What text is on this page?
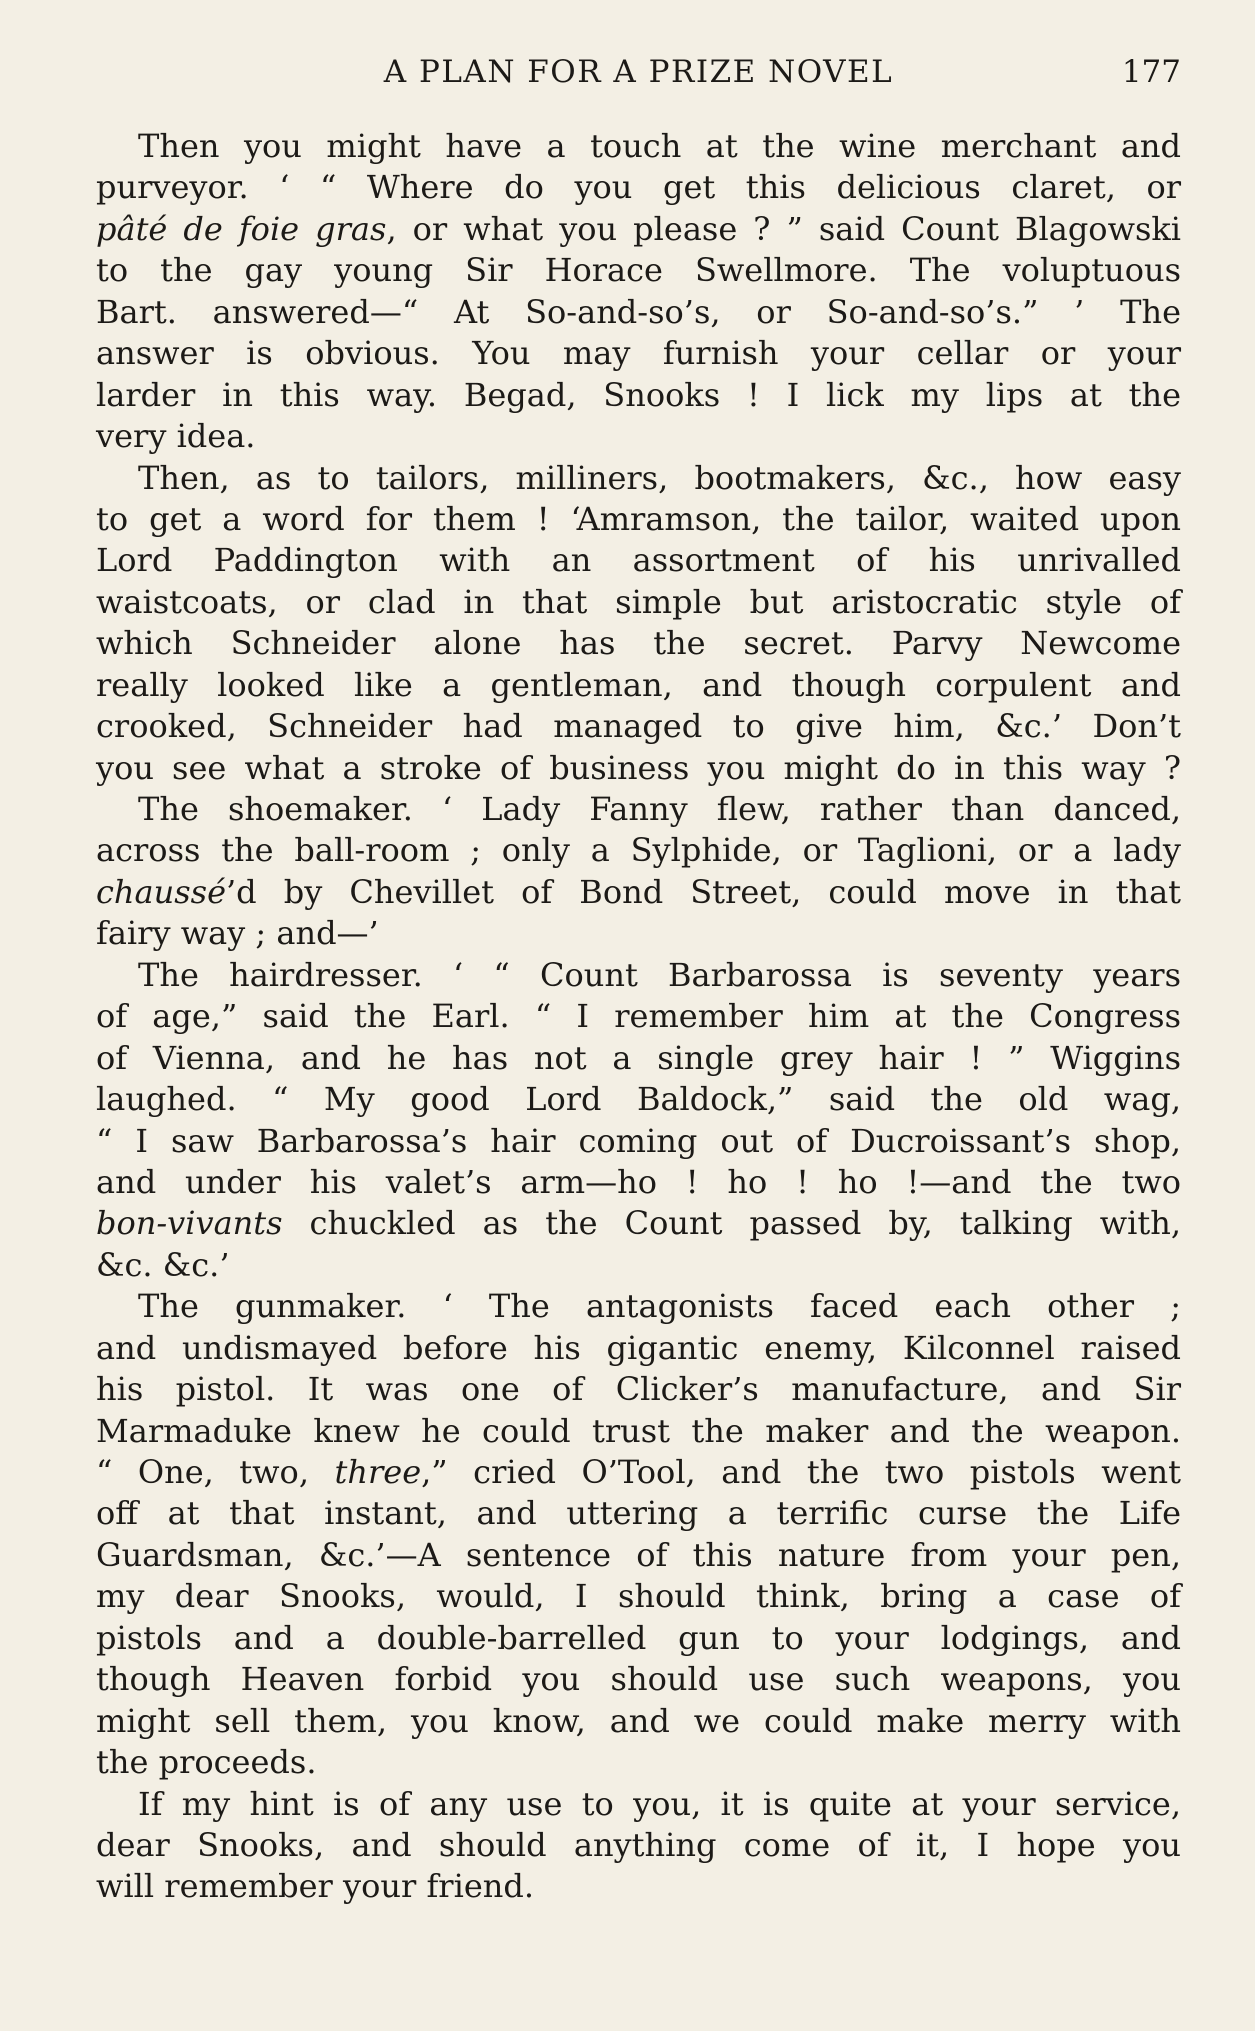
A PLAN FOR A PRIZE NOVEL	177
Then you might have a touch at the wine merchant and
purveyor. ‘ “ Where do you get this delicious claret, or
pâté de foie gras, or what you please ? ” said Count Blagowski
to the gay young Sir Horace Swellmore. The voluptuous
Bart. answered—“ At So-and-so’s, or So-and-so’s.” ’ The
answer is obvious. You may furnish your cellar or your
larder in this way. Begad, Snooks ! I lick my lips at the
very idea.
Then, as to tailors, milliners, bootmakers, &c., how easy
to get a word for them ! ‘Amramson, the tailor, waited upon
Lord Paddington with an assortment of his unrivalled
waistcoats, or clad in that simple but aristocratic style of
which Schneider alone has the secret. Parvy Newcome
really looked like a gentleman, and though corpulent and
crooked, Schneider had managed to give him, &c.’ Don’t
you see what a stroke of business you might do in this way ?
The shoemaker. ‘ Lady Fanny flew, rather than danced,
across the ball-room ; only a Sylphide, or Taglioni, or a lady
chaussé’d by Chevillet of Bond Street, could move in that
fairy way ; and—’
The hairdresser. ‘ “ Count Barbarossa is seventy years
of age,” said the Earl. “ I remember him at the Congress
of Vienna, and he has not a single grey hair ! ” Wiggins
laughed. “ My good Lord Baldock,” said the old wag,
“ I saw Barbarossa’s hair coming out of Ducroissant’s shop,
and under his valet’s arm—ho ! ho ! ho !—and the two
bon-vivants chuckled as the Count passed by, talking with,
&c. &c.’
The gunmaker. ‘ The antagonists faced each other ;
and undismayed before his gigantic enemy, Kilconnel raised
his pistol. It was one of Clicker’s manufacture, and Sir
Marmaduke knew he could trust the maker and the weapon.
“ One, two, three,” cried O’Tool, and the two pistols went
off at that instant, and uttering a terrific curse the Life
Guardsman, &c.’—A sentence of this nature from your pen,
my dear Snooks, would, I should think, bring a case of
pistols and a double-barrelled gun to your lodgings, and
though Heaven forbid you should use such weapons, you
might sell them, you know, and we could make merry with
the proceeds.
If my hint is of any use to you, it is quite at your service,
dear Snooks, and should anything come of it, I hope you
will remember your friend.
